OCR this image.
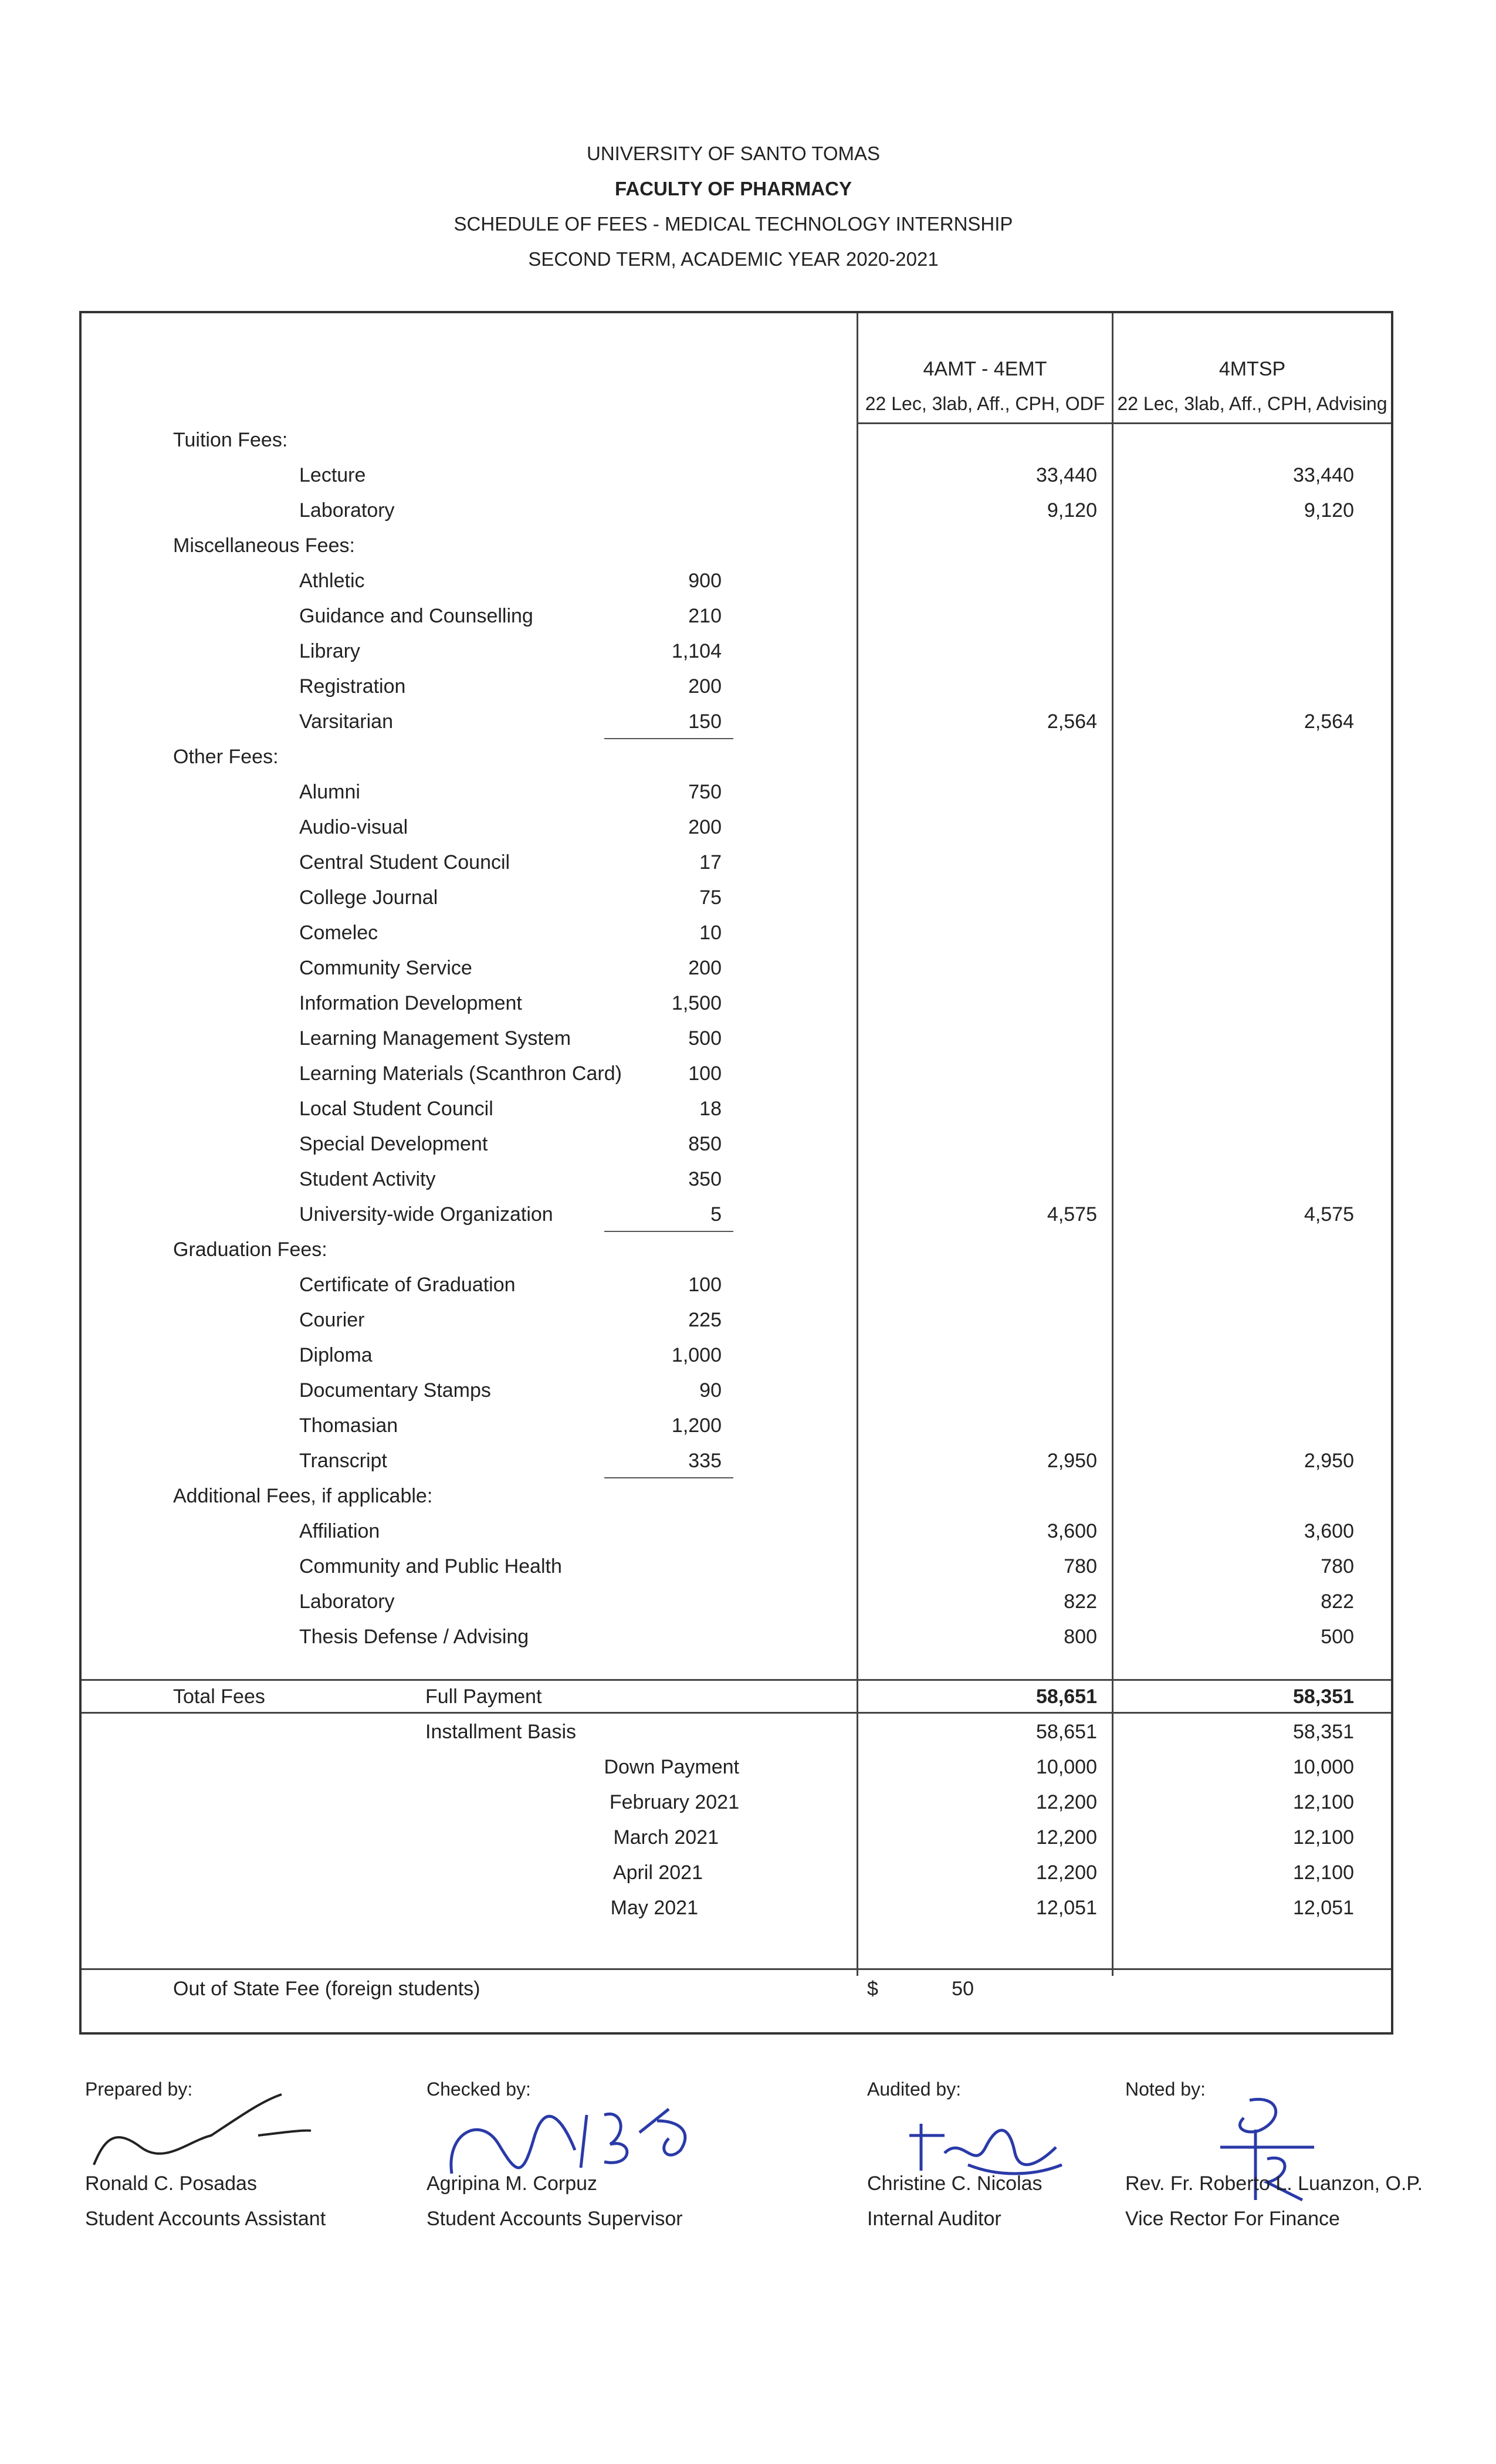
UNIVERSITY OF SANTO TOMAS
FACULTY OF PHARMACY
SCHEDULE OF FEES - MEDICAL TECHNOLOGY INTERNSHIP
SECOND TERM, ACADEMIC YEAR 2020-2021
4AMT - 4EMT
22 Lec, 3lab, Aff., CPH, ODF
4MTSP
22 Lec, 3lab, Aff., CPH, Advising
Tuition Fees:
Lecture	33,440	33,440
Laboratory	9,120	9,120
Miscellaneous Fees:
Athletic	900
Guidance and Counselling	210
Library	1,104
Registration	200
Varsitarian	150	2,564	2,564
Other Fees:
Alumni	750
Audio-visual	200
Central Student Council	17
College Journal	75
Comelec	10
Community Service	200
Information Development	1,500
Learning Management System	500
Learning Materials (Scanthron Card)	100
Local Student Council	18
Special Development	850
Student Activity	350
University-wide Organization	5	4,575	4,575
Graduation Fees:
Certificate of Graduation	100
Courier	225
Diploma	1,000
Documentary Stamps	90
Thomasian	1,200
Transcript	335	2,950	2,950
Additional Fees, if applicable:
Affiliation	3,600	3,600
Community and Public Health	780	780
Laboratory	822	822
Thesis Defense / Advising	800	500
Total Fees	Full Payment	58,651	58,351
Installment Basis	58,651	58,351
Down Payment	10,000	10,000
February 2021	12,200	12,100
March 2021	12,200	12,100
April 2021	12,200	12,100
May 2021	12,051	12,051
Out of State Fee (foreign students)	$	50
Prepared by:
Ronald C. Posadas
Student Accounts Assistant
Checked by:
Agripina M. Corpuz
Student Accounts Supervisor
Audited by:
Christine C. Nicolas
Internal Auditor
Noted by:
Rev. Fr. Roberto L. Luanzon, O.P.
Vice Rector For Finance
